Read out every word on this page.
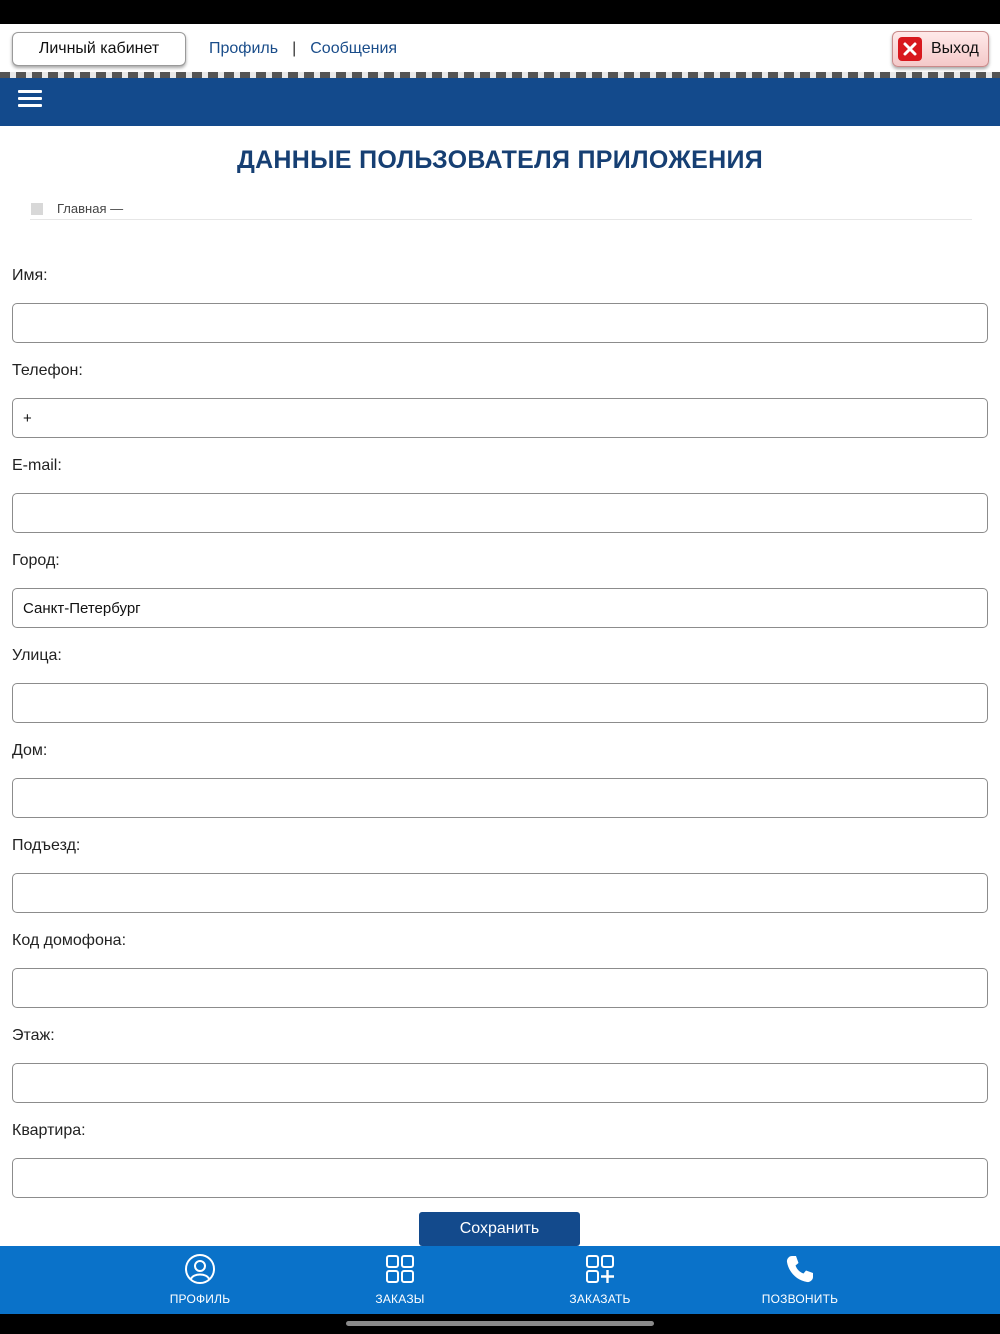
Личный кабинет	Профиль | Сообщения	Выход
ДАННЫЕ ПОЛЬЗОВАТЕЛЯ ПРИЛОЖЕНИЯ
Главная —
Имя:
Телефон:
+
E-mail:
Город:
Санкт-Петербург
Улица:
Дом:
Подъезд:
Код домофона:
Этаж:
Квартира:
Сохранить
ПРОФИЛЬ	ЗАКАЗЫ	ЗАКАЗАТЬ	ПОЗВОНИТЬ
